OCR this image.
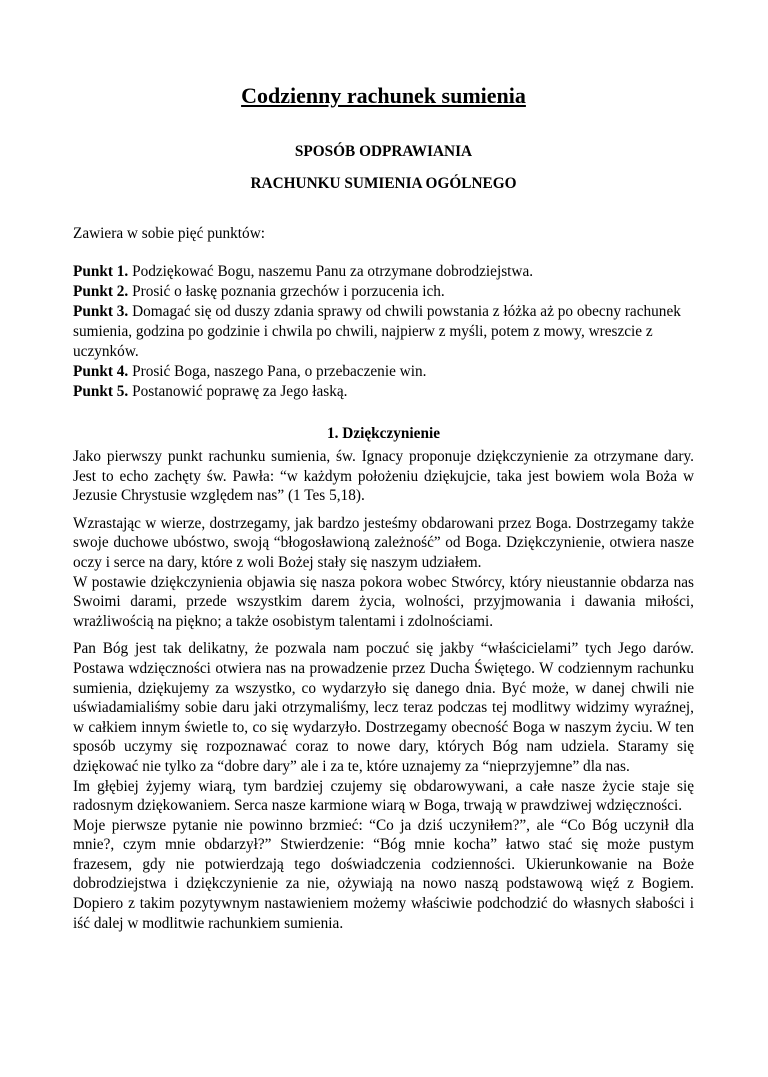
Codzienny rachunek sumienia

SPOSÓB ODPRAWIANIA

RACHUNKU SUMIENIA OGÓLNEGO

Zawiera w sobie pięć punktów:

Punkt 1. Podziękować Bogu, naszemu Panu za otrzymane dobrodziejstwa.

Punkt 2. Prosić o łaskę poznania grzechów i porzucenia ich.

Punkt 3. Domagać się od duszy zdania sprawy od chwili powstania z łóżka aż po obecny rachunek sumienia, godzina po godzinie i chwila po chwili, najpierw z myśli, potem z mowy, wreszcie z uczynków.

Punkt 4. Prosić Boga, naszego Pana, o przebaczenie win.

Punkt 5. Postanowić poprawę za Jego łaską.

1. Dziękczynienie

Jako pierwszy punkt rachunku sumienia, św. Ignacy proponuje dziękczynienie za otrzymane dary. Jest to echo zachęty św. Pawła: “w każdym położeniu dziękujcie, taka jest bowiem wola Boża w Jezusie Chrystusie względem nas” (1 Tes 5,18).

Wzrastając w wierze, dostrzegamy, jak bardzo jesteśmy obdarowani przez Boga. Dostrzegamy także swoje duchowe ubóstwo, swoją “błogosławioną zależność” od Boga. Dziękczynienie, otwiera nasze oczy i serce na dary, które z woli Bożej stały się naszym udziałem.

W postawie dziękczynienia objawia się nasza pokora wobec Stwórcy, który nieustannie obdarza nas Swoimi darami, przede wszystkim darem życia, wolności, przyjmowania i dawania miłości, wrażliwością na piękno; a także osobistym talentami i zdolnościami.

Pan Bóg jest tak delikatny, że pozwala nam poczuć się jakby “właścicielami” tych Jego darów. Postawa wdzięczności otwiera nas na prowadzenie przez Ducha Świętego. W codziennym rachunku sumienia, dziękujemy za wszystko, co wydarzyło się danego dnia. Być może, w danej chwili nie uświadamialiśmy sobie daru jaki otrzymaliśmy, lecz teraz podczas tej modlitwy widzimy wyraźnej, w całkiem innym świetle to, co się wydarzyło. Dostrzegamy obecność Boga w naszym życiu. W ten sposób uczymy się rozpoznawać coraz to nowe dary, których Bóg nam udziela. Staramy się dziękować nie tylko za “dobre dary” ale i za te, które uznajemy za “nieprzyjemne” dla nas.

Im głębiej żyjemy wiarą, tym bardziej czujemy się obdarowywani, a całe nasze życie staje się radosnym dziękowaniem. Serca nasze karmione wiarą w Boga, trwają w prawdziwej wdzięczności.

Moje pierwsze pytanie nie powinno brzmieć: “Co ja dziś uczyniłem?”, ale “Co Bóg uczynił dla mnie?, czym mnie obdarzył?” Stwierdzenie: “Bóg mnie kocha” łatwo stać się może pustym frazesem, gdy nie potwierdzają tego doświadczenia codzienności. Ukierunkowanie na Boże dobrodziejstwa i dziękczynienie za nie, ożywiają na nowo naszą podstawową więź z Bogiem. Dopiero z takim pozytywnym nastawieniem możemy właściwie podchodzić do własnych słabości i iść dalej w modlitwie rachunkiem sumienia.
